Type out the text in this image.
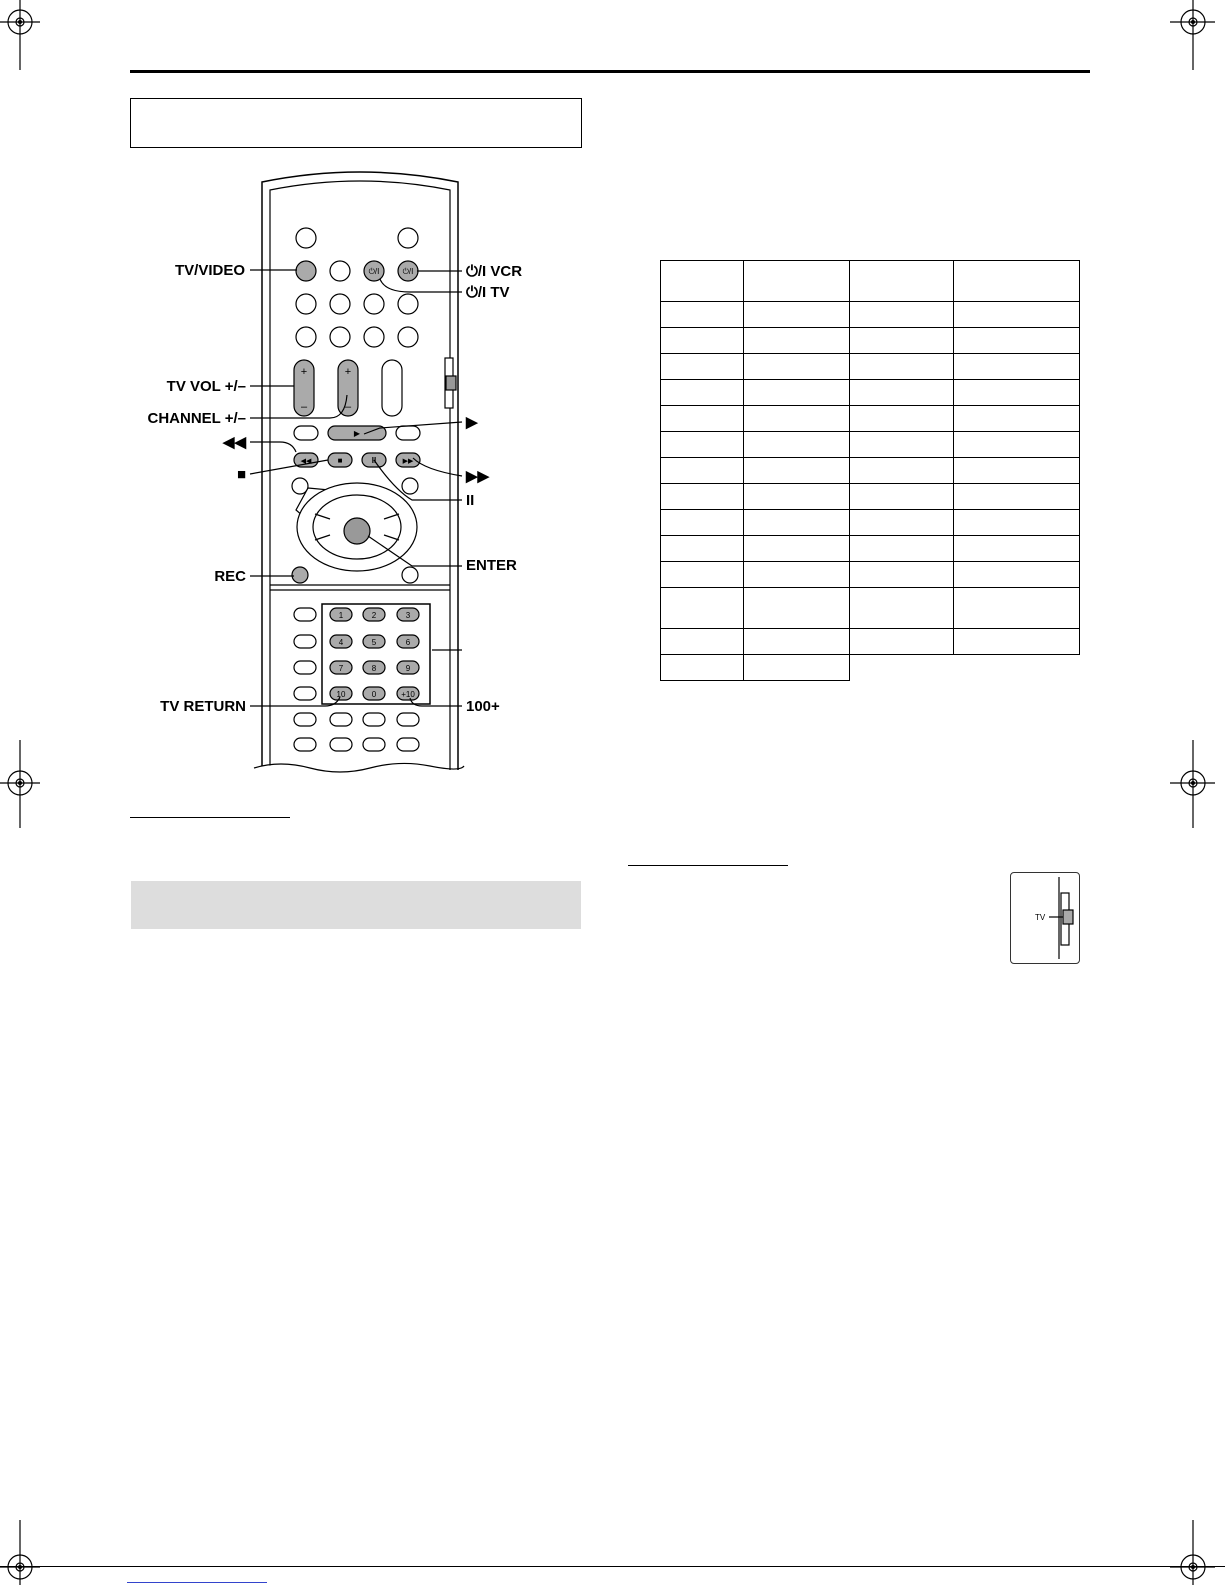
⏻/I	⏻/I
+
–
+
–
▶
◀◀	■	II	▶▶
1	2	3
4	5	6
7	8	9
10	0	+10
TV/VIDEO	⏻/I VCR
⏻/I TV
TV VOL +/–
CHANNEL +/–
◀◀
■
▶
▶▶
II
ENTER
REC
TV RETURN	100+

TV
